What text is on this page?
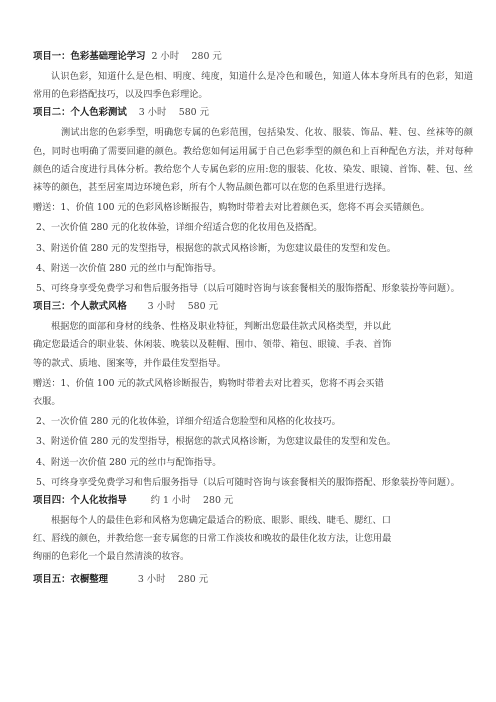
项目一：色彩基础理论学习 2 小时　 280 元

认识色彩，知道什么是色相、明度、纯度，知道什么是冷色和暖色，知道人体本身所具有的色彩，知道常用的色彩搭配技巧，以及四季色彩理论。

项目二：个人色彩测试 3 小时　 580 元

测试出您的色彩季型，明确您专属的色彩范围，包括染发、化妆、服装、饰品、鞋、包、丝袜等的颜色，同时也明确了需要回避的颜色。教给您如何运用属于自己色彩季型的颜色和上百种配色方法，并对每种颜色的适合度进行具体分析。教给您个人专属色彩的应用:您的服装、化妆、染发、眼镜、首饰、鞋、包、丝袜等的颜色，甚至居室周边环境色彩，所有个人物品颜色都可以在您的色系里进行选择。

赠送：1、价值 100 元的色彩风格诊断报告，购物时带着去对比着颜色买，您将不再会买错颜色。

2、一次价值 280 元的化妆体验，详细介绍适合您的化妆用色及搭配。

3、附送价值 280 元的发型指导，根据您的款式风格诊断，为您建议最佳的发型和发色。

4、附送一次价值 280 元的丝巾与配饰指导。

5、可终身享受免费学习和售后服务指导（以后可随时咨询与该套餐相关的服饰搭配、形象装扮等问题）。

项目三：个人款式风格 3 小时　 580 元

根据您的面部和身材的线条、性格及职业特征，判断出您最佳款式风格类型，并以此

确定您最适合的职业装、休闲装、晚装以及鞋帽、围巾、领带、箱包、眼镜、手表、首饰

等的款式、质地、图案等，并作最佳发型指导。

赠送：1、价值 100 元的款式风格诊断报告，购物时带着去对比着买，您将不再会买错

衣服。

2、一次价值 280 元的化妆体验，详细介绍适合您脸型和风格的化妆技巧。

3、附送价值 280 元的发型指导，根据您的款式风格诊断，为您建议最佳的发型和发色。

4、附送一次价值 280 元的丝巾与配饰指导。

5、可终身享受免费学习和售后服务指导（以后可随时咨询与该套餐相关的服饰搭配、形象装扮等问题）。

项目四：个人化妆指导	约 1 小时　 280 元

根据每个人的最佳色彩和风格为您确定最适合的粉底、眼影、眼线、睫毛、腮红、口

红、唇线的颜色，并教给您一套专属您的日常工作淡妆和晚妆的最佳化妆方法，让您用最

绚丽的色彩化一个最自然清淡的妆容。

项目五：衣橱整理	3 小时　 280 元
